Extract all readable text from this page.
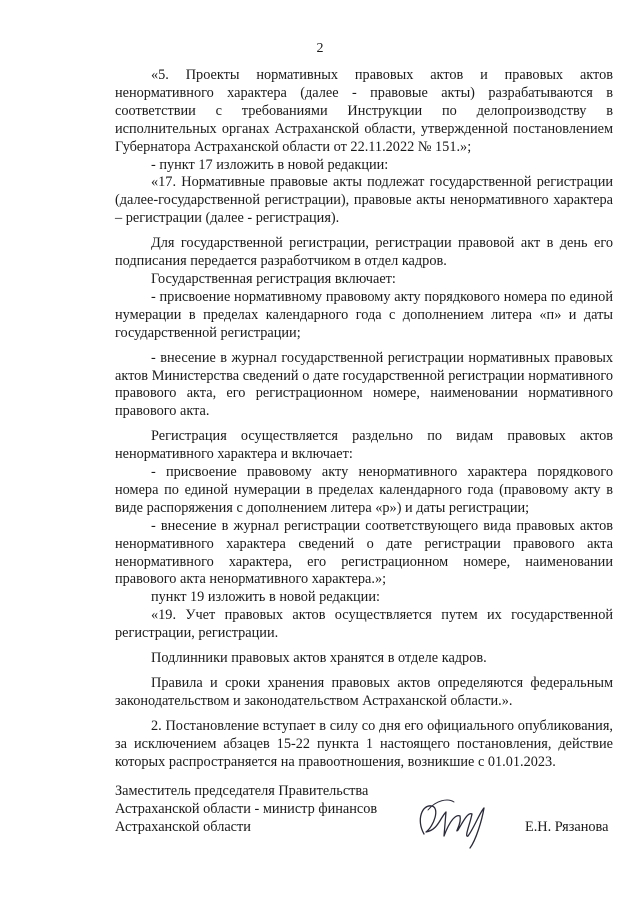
2

«5. Проекты нормативных правовых актов и правовых актов ненормативного характера (далее - правовые акты) разрабатываются в соответствии с требованиями Инструкции по делопроизводству в исполнительных органах Астраханской области, утвержденной постановлением Губернатора Астраханской области от 22.11.2022 № 151.»;

- пункт 17 изложить в новой редакции:

«17. Нормативные правовые акты подлежат государственной регистрации (далее-государственной регистрации), правовые акты ненормативного характера – регистрации (далее - регистрация).

Для государственной регистрации, регистрации правовой акт в день его подписания передается разработчиком в отдел кадров.

Государственная регистрация включает:

- присвоение нормативному правовому акту порядкового номера по единой нумерации в пределах календарного года с дополнением литера «п» и даты государственной регистрации;

- внесение в журнал государственной регистрации нормативных правовых актов Министерства сведений о дате государственной регистрации нормативного правового акта, его регистрационном номере, наименовании нормативного правового акта.

Регистрация осуществляется раздельно по видам правовых актов ненормативного характера и включает:

- присвоение правовому акту ненормативного характера порядкового номера по единой нумерации в пределах календарного года (правовому акту в виде распоряжения с дополнением литера «р») и даты регистрации;

- внесение в журнал регистрации соответствующего вида правовых актов ненормативного характера сведений о дате регистрации правового акта ненормативного характера, его регистрационном номере, наименовании правового акта ненормативного характера.»;

пункт 19 изложить в новой редакции:

«19. Учет правовых актов осуществляется путем их государственной регистрации, регистрации.

Подлинники правовых актов хранятся в отделе кадров.

Правила и сроки хранения правовых актов определяются федеральным законодательством и законодательством Астраханской области.».

2. Постановление вступает в силу со дня его официального опубликования, за исключением абзацев 15-22 пункта 1 настоящего постановления, действие которых распространяется на правоотношения, возникшие с 01.01.2023.

Заместитель председателя Правительства
Астраханской области - министр финансов
Астраханской области	Е.Н. Рязанова
